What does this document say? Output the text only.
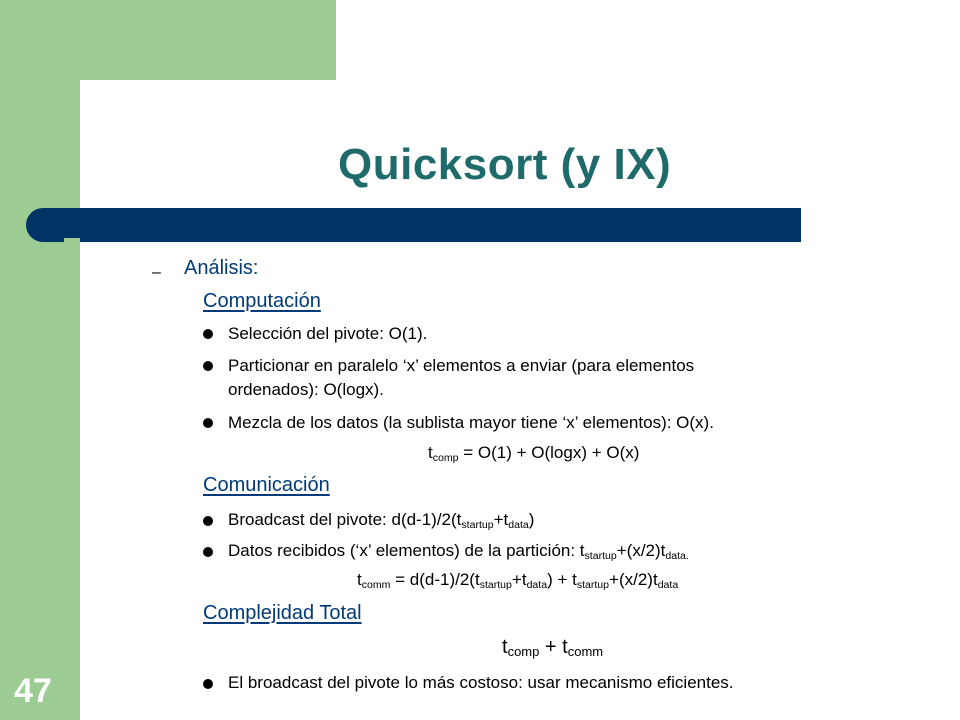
Quicksort (y IX)
47
– Análisis:
Computación
Selección del pivote: O(1).
Particionar en paralelo ‘x’ elementos a enviar (para elementos
ordenados): O(logx).
Mezcla de los datos (la sublista mayor tiene ‘x’ elementos): O(x).
$t_{comp} = O(1) + O(\log x) + O(x)$
Comunicación
Broadcast del pivote: $d(d-1)/2(t_{startup}+t_{data})$
Datos recibidos (‘x’ elementos) de la partición: $t_{startup}+(x/2)t_{data.}$
$t_{comm} = d(d-1)/2(t_{startup}+t_{data}) + t_{startup}+(x/2)t_{data}$
Complejidad Total
$t_{comp} + t_{comm}$
El broadcast del pivote lo más costoso: usar mecanismo eficientes.
